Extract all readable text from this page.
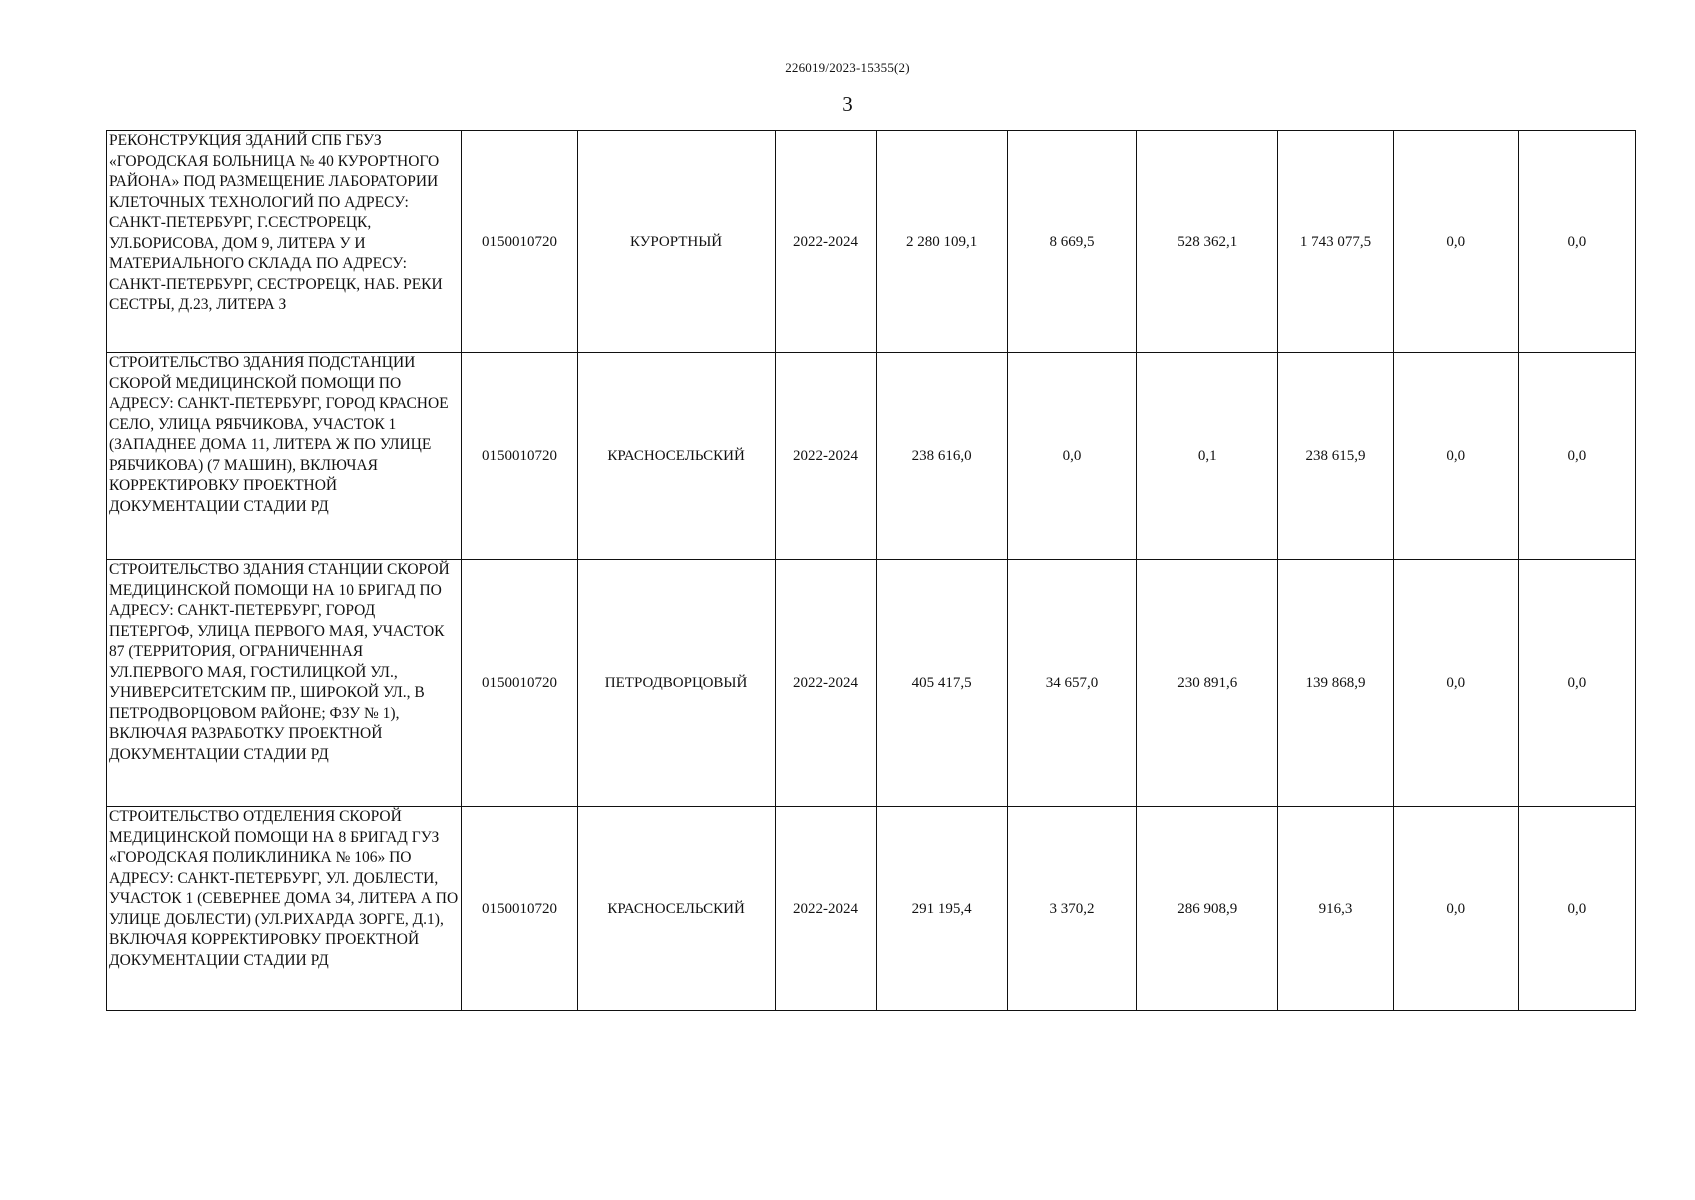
226019/2023-15355(2)
3
РЕКОНСТРУКЦИЯ ЗДАНИЙ СПБ ГБУЗ «ГОРОДСКАЯ БОЛЬНИЦА № 40 КУРОРТНОГО РАЙОНА» ПОД РАЗМЕЩЕНИЕ ЛАБОРАТОРИИ КЛЕТОЧНЫХ ТЕХНОЛОГИЙ ПО АДРЕСУ: САНКТ-ПЕТЕРБУРГ, Г.СЕСТРОРЕЦК, УЛ.БОРИСОВА, ДОМ 9, ЛИТЕРА У И МАТЕРИАЛЬНОГО СКЛАДА ПО АДРЕСУ: САНКТ-ПЕТЕРБУРГ, СЕСТРОРЕЦК, НАБ. РЕКИ СЕСТРЫ, Д.23, ЛИТЕРА З	0150010720	КУРОРТНЫЙ	2022-2024	2 280 109,1	8 669,5	528 362,1	1 743 077,5	0,0	0,0
СТРОИТЕЛЬСТВО ЗДАНИЯ ПОДСТАНЦИИ СКОРОЙ МЕДИЦИНСКОЙ ПОМОЩИ ПО АДРЕСУ: САНКТ-ПЕТЕРБУРГ, ГОРОД КРАСНОЕ СЕЛО, УЛИЦА РЯБЧИКОВА, УЧАСТОК 1 (ЗАПАДНЕЕ ДОМА 11, ЛИТЕРА Ж ПО УЛИЦЕ РЯБЧИКОВА) (7 МАШИН), ВКЛЮЧАЯ КОРРЕКТИРОВКУ ПРОЕКТНОЙ ДОКУМЕНТАЦИИ СТАДИИ РД	0150010720	КРАСНОСЕЛЬСКИЙ	2022-2024	238 616,0	0,0	0,1	238 615,9	0,0	0,0
СТРОИТЕЛЬСТВО ЗДАНИЯ СТАНЦИИ СКОРОЙ МЕДИЦИНСКОЙ ПОМОЩИ НА 10 БРИГАД ПО АДРЕСУ: САНКТ-ПЕТЕРБУРГ, ГОРОД ПЕТЕРГОФ, УЛИЦА ПЕРВОГО МАЯ, УЧАСТОК 87 (ТЕРРИТОРИЯ, ОГРАНИЧЕННАЯ УЛ.ПЕРВОГО МАЯ, ГОСТИЛИЦКОЙ УЛ., УНИВЕРСИТЕТСКИМ ПР., ШИРОКОЙ УЛ., В ПЕТРОДВОРЦОВОМ РАЙОНЕ; ФЗУ № 1), ВКЛЮЧАЯ РАЗРАБОТКУ ПРОЕКТНОЙ ДОКУМЕНТАЦИИ СТАДИИ РД	0150010720	ПЕТРОДВОРЦОВЫЙ	2022-2024	405 417,5	34 657,0	230 891,6	139 868,9	0,0	0,0
СТРОИТЕЛЬСТВО ОТДЕЛЕНИЯ СКОРОЙ МЕДИЦИНСКОЙ ПОМОЩИ НА 8 БРИГАД ГУЗ «ГОРОДСКАЯ ПОЛИКЛИНИКА № 106» ПО АДРЕСУ: САНКТ-ПЕТЕРБУРГ, УЛ. ДОБЛЕСТИ, УЧАСТОК 1 (СЕВЕРНЕЕ ДОМА 34, ЛИТЕРА А ПО УЛИЦЕ ДОБЛЕСТИ) (УЛ.РИХАРДА ЗОРГЕ, Д.1), ВКЛЮЧАЯ КОРРЕКТИРОВКУ ПРОЕКТНОЙ ДОКУМЕНТАЦИИ СТАДИИ РД	0150010720	КРАСНОСЕЛЬСКИЙ	2022-2024	291 195,4	3 370,2	286 908,9	916,3	0,0	0,0
